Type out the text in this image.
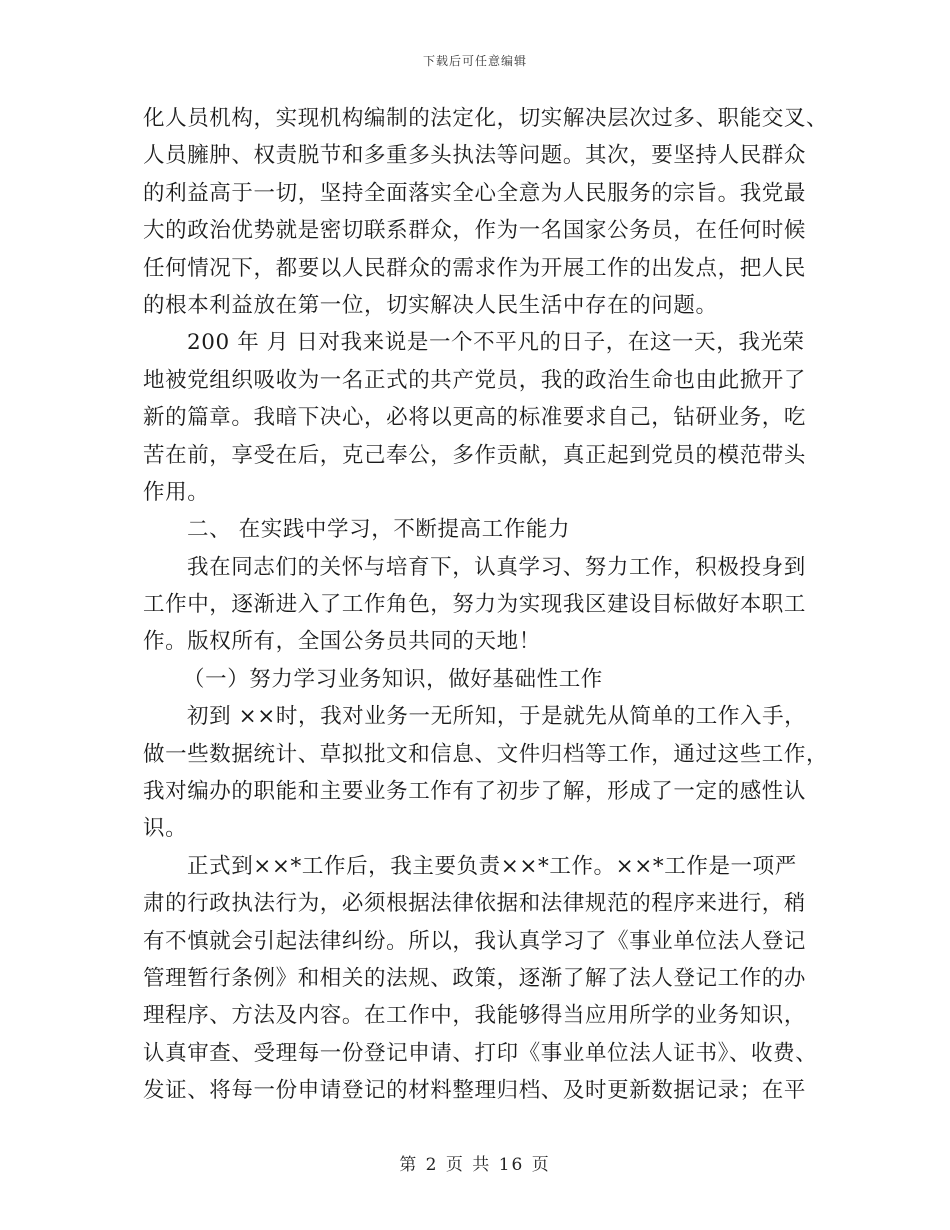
下载后可任意编辑
化人员机构，实现机构编制的法定化，切实解决层次过多、职能交叉、
人员臃肿、权责脱节和多重多头执法等问题。其次，要坚持人民群众
的利益高于一切，坚持全面落实全心全意为人民服务的宗旨。我党最
大的政治优势就是密切联系群众，作为一名国家公务员，在任何时候
任何情况下，都要以人民群众的需求作为开展工作的出发点，把人民
的根本利益放在第一位，切实解决人民生活中存在的问题。
200 年 月 日对我来说是一个不平凡的日子，在这一天，我光荣
地被党组织吸收为一名正式的共产党员，我的政治生命也由此掀开了
新的篇章。我暗下决心，必将以更高的标准要求自己，钻研业务，吃
苦在前，享受在后，克己奉公，多作贡献，真正起到党员的模范带头
作用。
二、 在实践中学习，不断提高工作能力
我在同志们的关怀与培育下，认真学习、努力工作，积极投身到
工作中，逐渐进入了工作角色，努力为实现我区建设目标做好本职工
作。版权所有，全国公务员共同的天地！
（一）努力学习业务知识，做好基础性工作
初到 ××时，我对业务一无所知，于是就先从简单的工作入手，
做一些数据统计、草拟批文和信息、文件归档等工作，通过这些工作，
我对编办的职能和主要业务工作有了初步了解，形成了一定的感性认
识。
正式到××*工作后，我主要负责××*工作。××*工作是一项严
肃的行政执法行为，必须根据法律依据和法律规范的程序来进行，稍
有不慎就会引起法律纠纷。所以，我认真学习了《事业单位法人登记
管理暂行条例》和相关的法规、政策，逐渐了解了法人登记工作的办
理程序、方法及内容。在工作中，我能够得当应用所学的业务知识，
认真审查、受理每一份登记申请、打印《事业单位法人证书》、收费、
发证、将每一份申请登记的材料整理归档、及时更新数据记录；在平
第 2 页 共 16 页
